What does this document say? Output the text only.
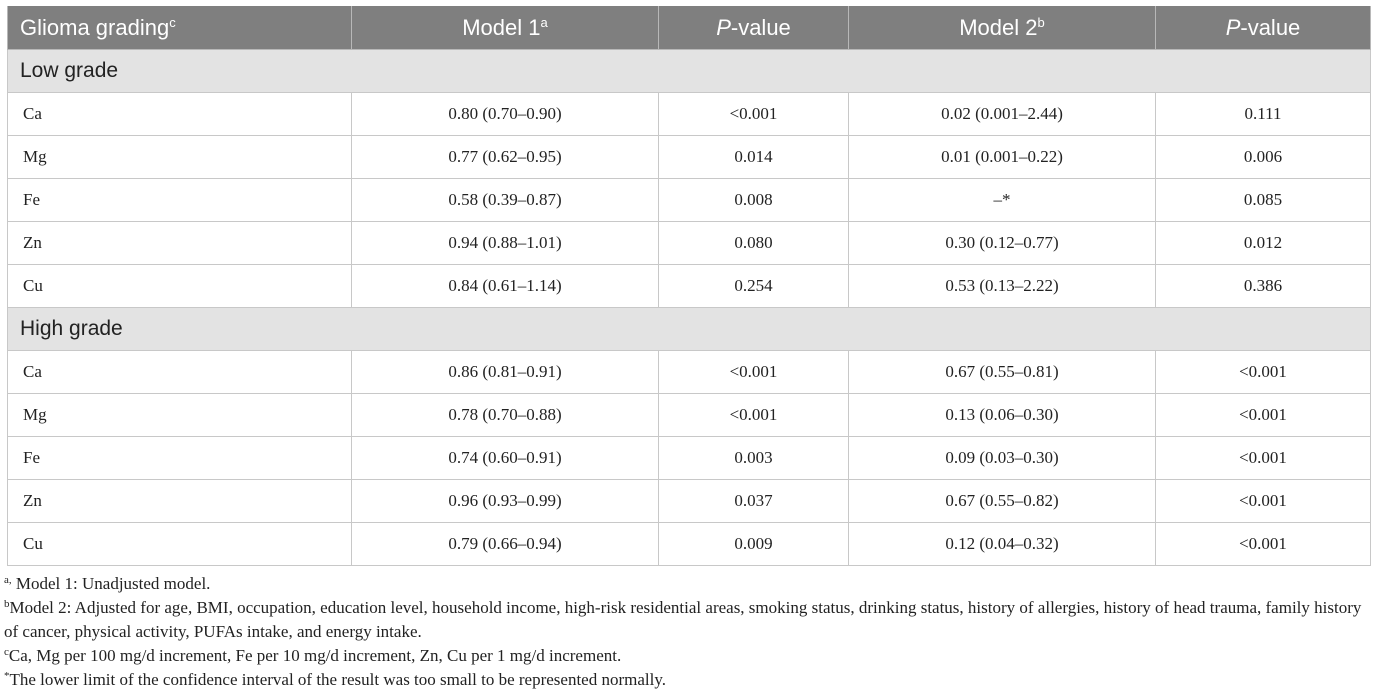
Glioma grading$^c$	Model 1$^a$	P-value	Model 2$^b$	P-value
Low grade				
Ca	0.80 (0.70–0.90)	<0.001	0.02 (0.001–2.44)	0.111
Mg	0.77 (0.62–0.95)	0.014	0.01 (0.001–0.22)	0.006
Fe	0.58 (0.39–0.87)	0.008	–*	0.085
Zn	0.94 (0.88–1.01)	0.080	0.30 (0.12–0.77)	0.012
Cu	0.84 (0.61–1.14)	0.254	0.53 (0.13–2.22)	0.386
High grade				
Ca	0.86 (0.81–0.91)	<0.001	0.67 (0.55–0.81)	<0.001
Mg	0.78 (0.70–0.88)	<0.001	0.13 (0.06–0.30)	<0.001
Fe	0.74 (0.60–0.91)	0.003	0.09 (0.03–0.30)	<0.001
Zn	0.96 (0.93–0.99)	0.037	0.67 (0.55–0.82)	<0.001
Cu	0.79 (0.66–0.94)	0.009	0.12 (0.04–0.32)	<0.001

$^{a,}$ Model 1: Unadjusted model.

$^b$Model 2: Adjusted for age, BMI, occupation, education level, household income, high-risk residential areas, smoking status, drinking status, history of allergies, history of head trauma, family history of cancer, physical activity, PUFAs intake, and energy intake.

$^c$Ca, Mg per 100 mg/d increment, Fe per 10 mg/d increment, Zn, Cu per 1 mg/d increment.

*The lower limit of the confidence interval of the result was too small to be represented normally.
